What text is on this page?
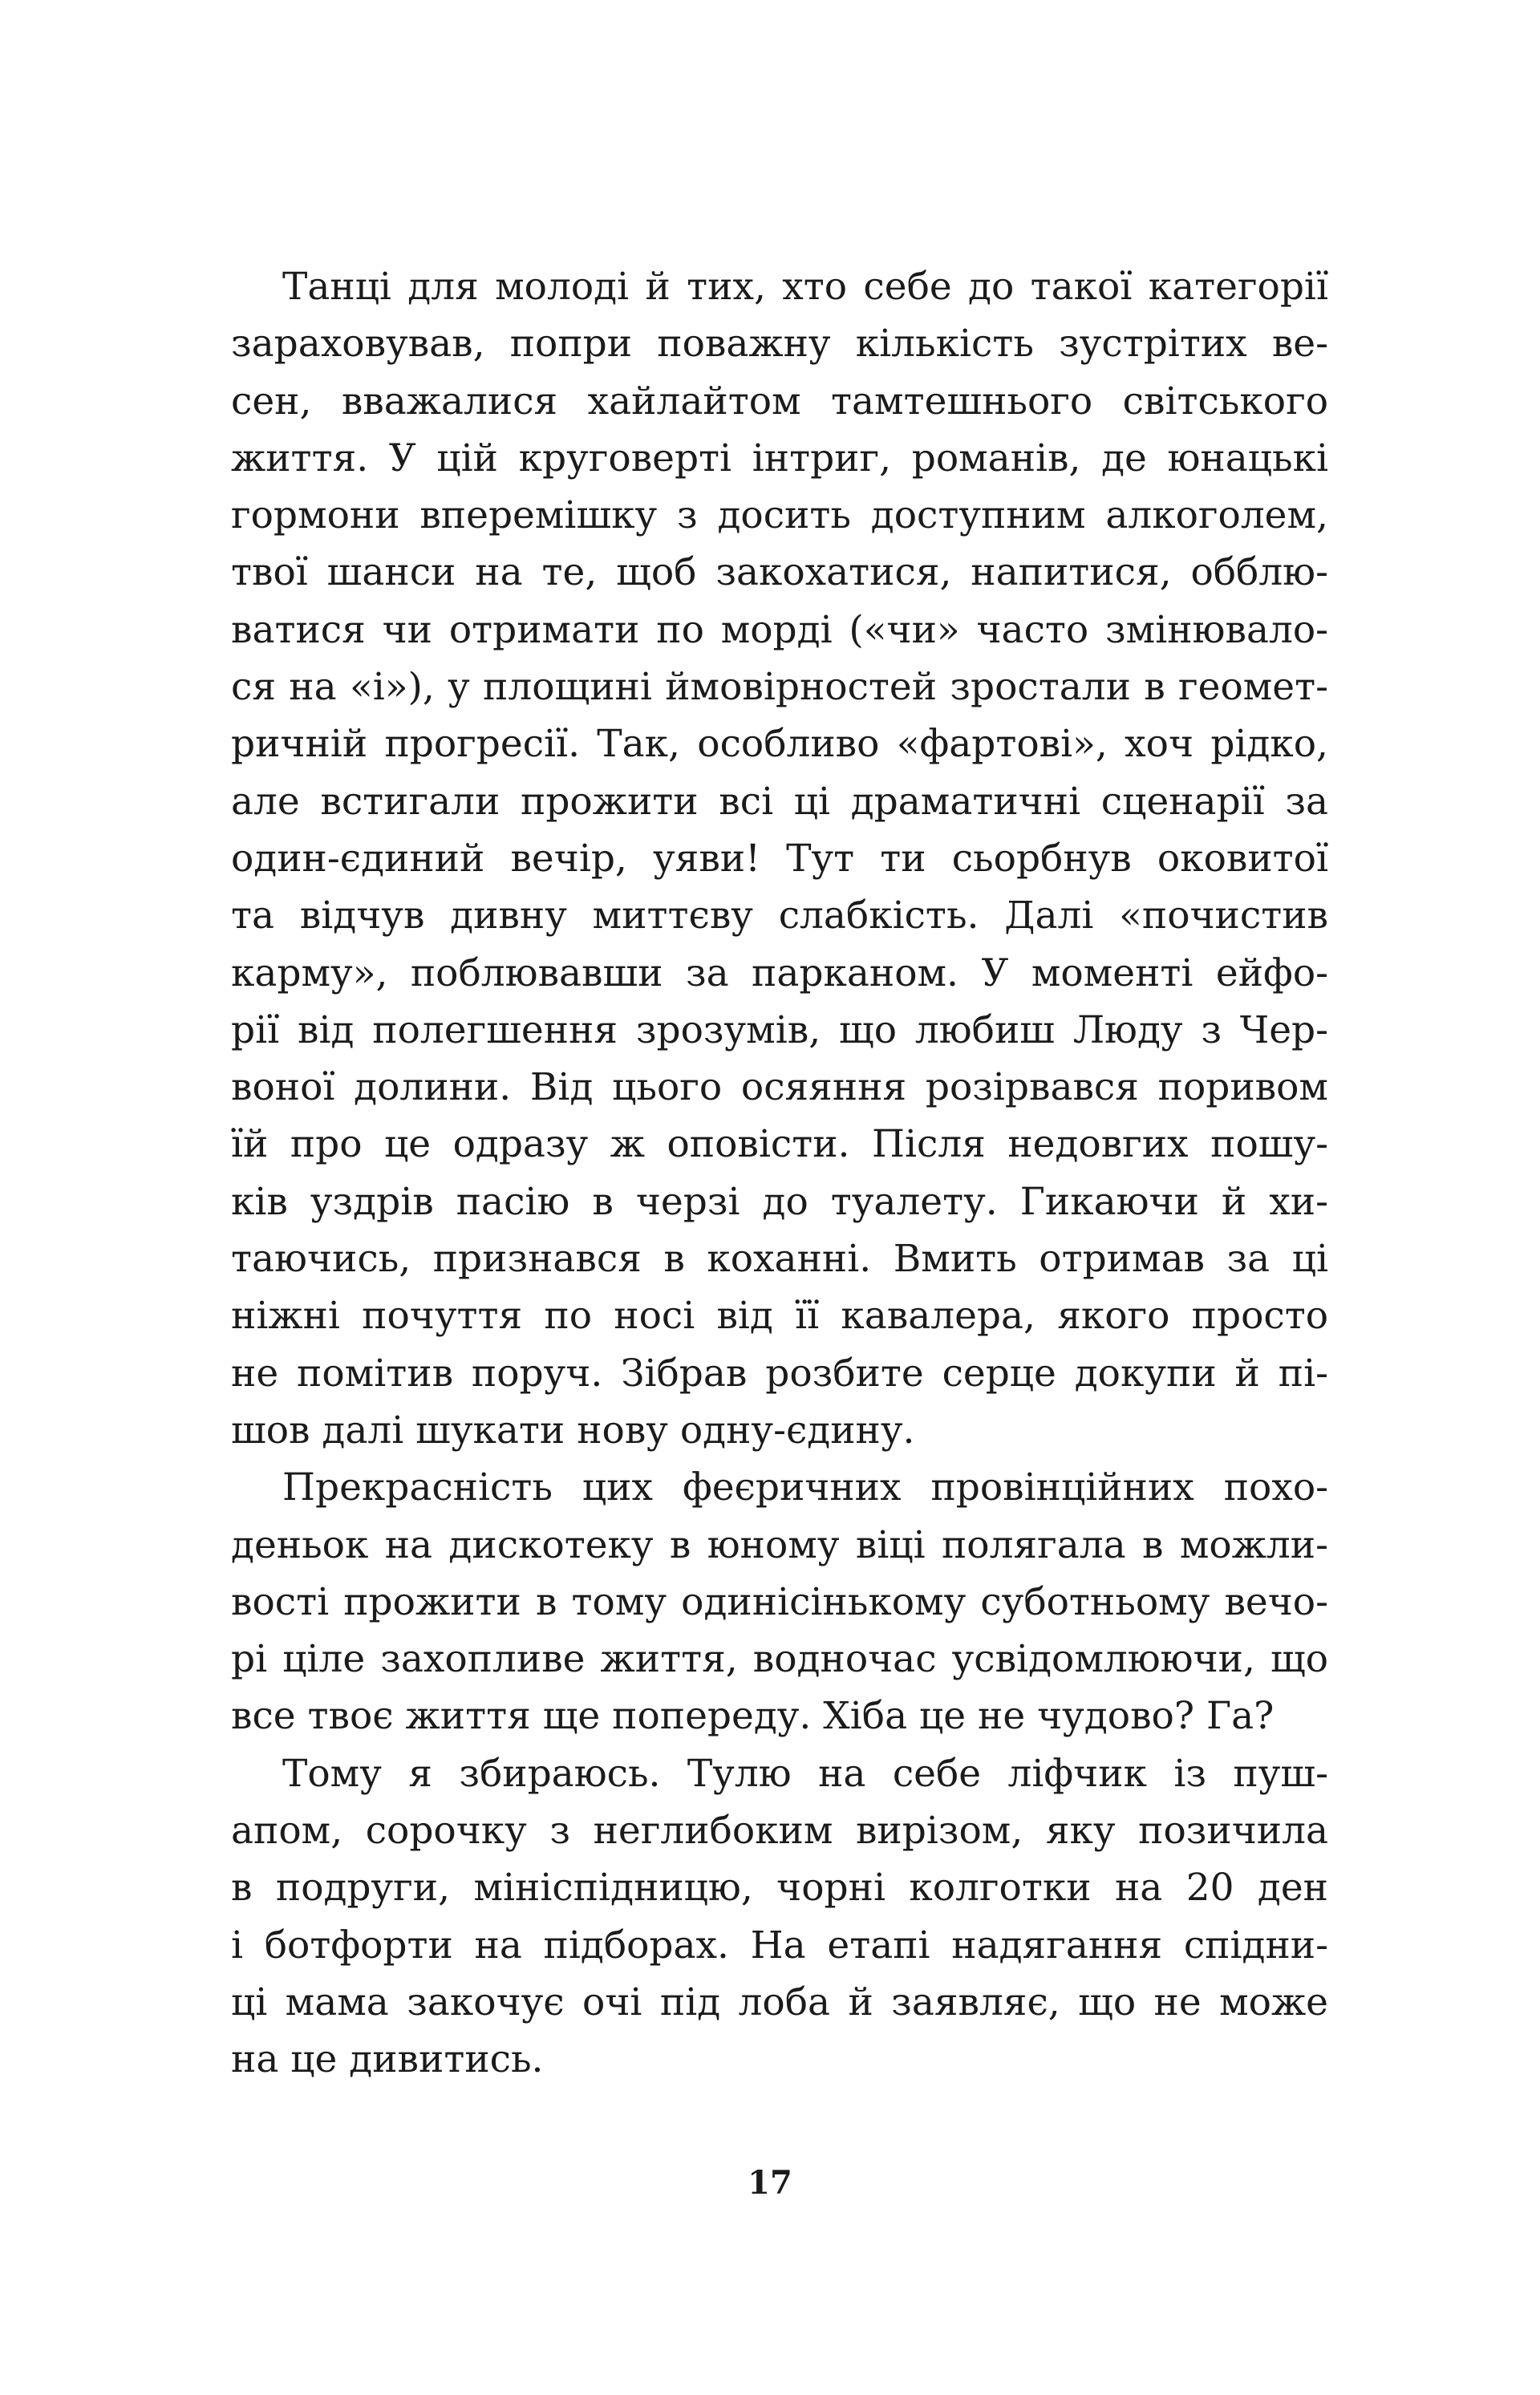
Танці для молоді й тих, хто себе до такої категорії
зараховував, попри поважну кількість зустрітих ве-
сен, вважалися хайлайтом тамтешнього світського
життя. У цій круговерті інтриг, романів, де юнацькі
гормони вперемішку з досить доступним алкоголем,
твої шанси на те, щоб закохатися, напитися, обблю-
ватися чи отримати по морді («чи» часто змінювало-
ся на «і»), у площині ймовірностей зростали в геомет-
ричній прогресії. Так, особливо «фартові», хоч рідко,
але встигали прожити всі ці драматичні сценарії за
один-єдиний вечір, уяви! Тут ти сьорбнув оковитої
та відчув дивну миттєву слабкість. Далі «почистив
карму», поблювавши за парканом. У моменті ейфо-
рії від полегшення зрозумів, що любиш Люду з Чер-
воної долини. Від цього осяяння розірвався поривом
їй про це одразу ж оповісти. Після недовгих пошу-
ків уздрів пасію в черзі до туалету. Гикаючи й хи-
таючись, признався в коханні. Вмить отримав за ці
ніжні почуття по носі від її кавалера, якого просто
не помітив поруч. Зібрав розбите серце докупи й пі-
шов далі шукати нову одну-єдину.
Прекрасність цих феєричних провінційних похо-
деньок на дискотеку в юному віці полягала в можли-
вості прожити в тому одинісінькому суботньому вечо-
рі ціле захопливе життя, водночас усвідомлюючи, що
все твоє життя ще попереду. Хіба це не чудово? Га?
Тому я збираюсь. Тулю на себе ліфчик із пуш-
апом, сорочку з неглибоким вирізом, яку позичила
в подруги, мініспідницю, чорні колготки на 20 ден
і ботфорти на підборах. На етапі надягання спідни-
ці мама закочує очі під лоба й заявляє, що не може
на це дивитись.
17
